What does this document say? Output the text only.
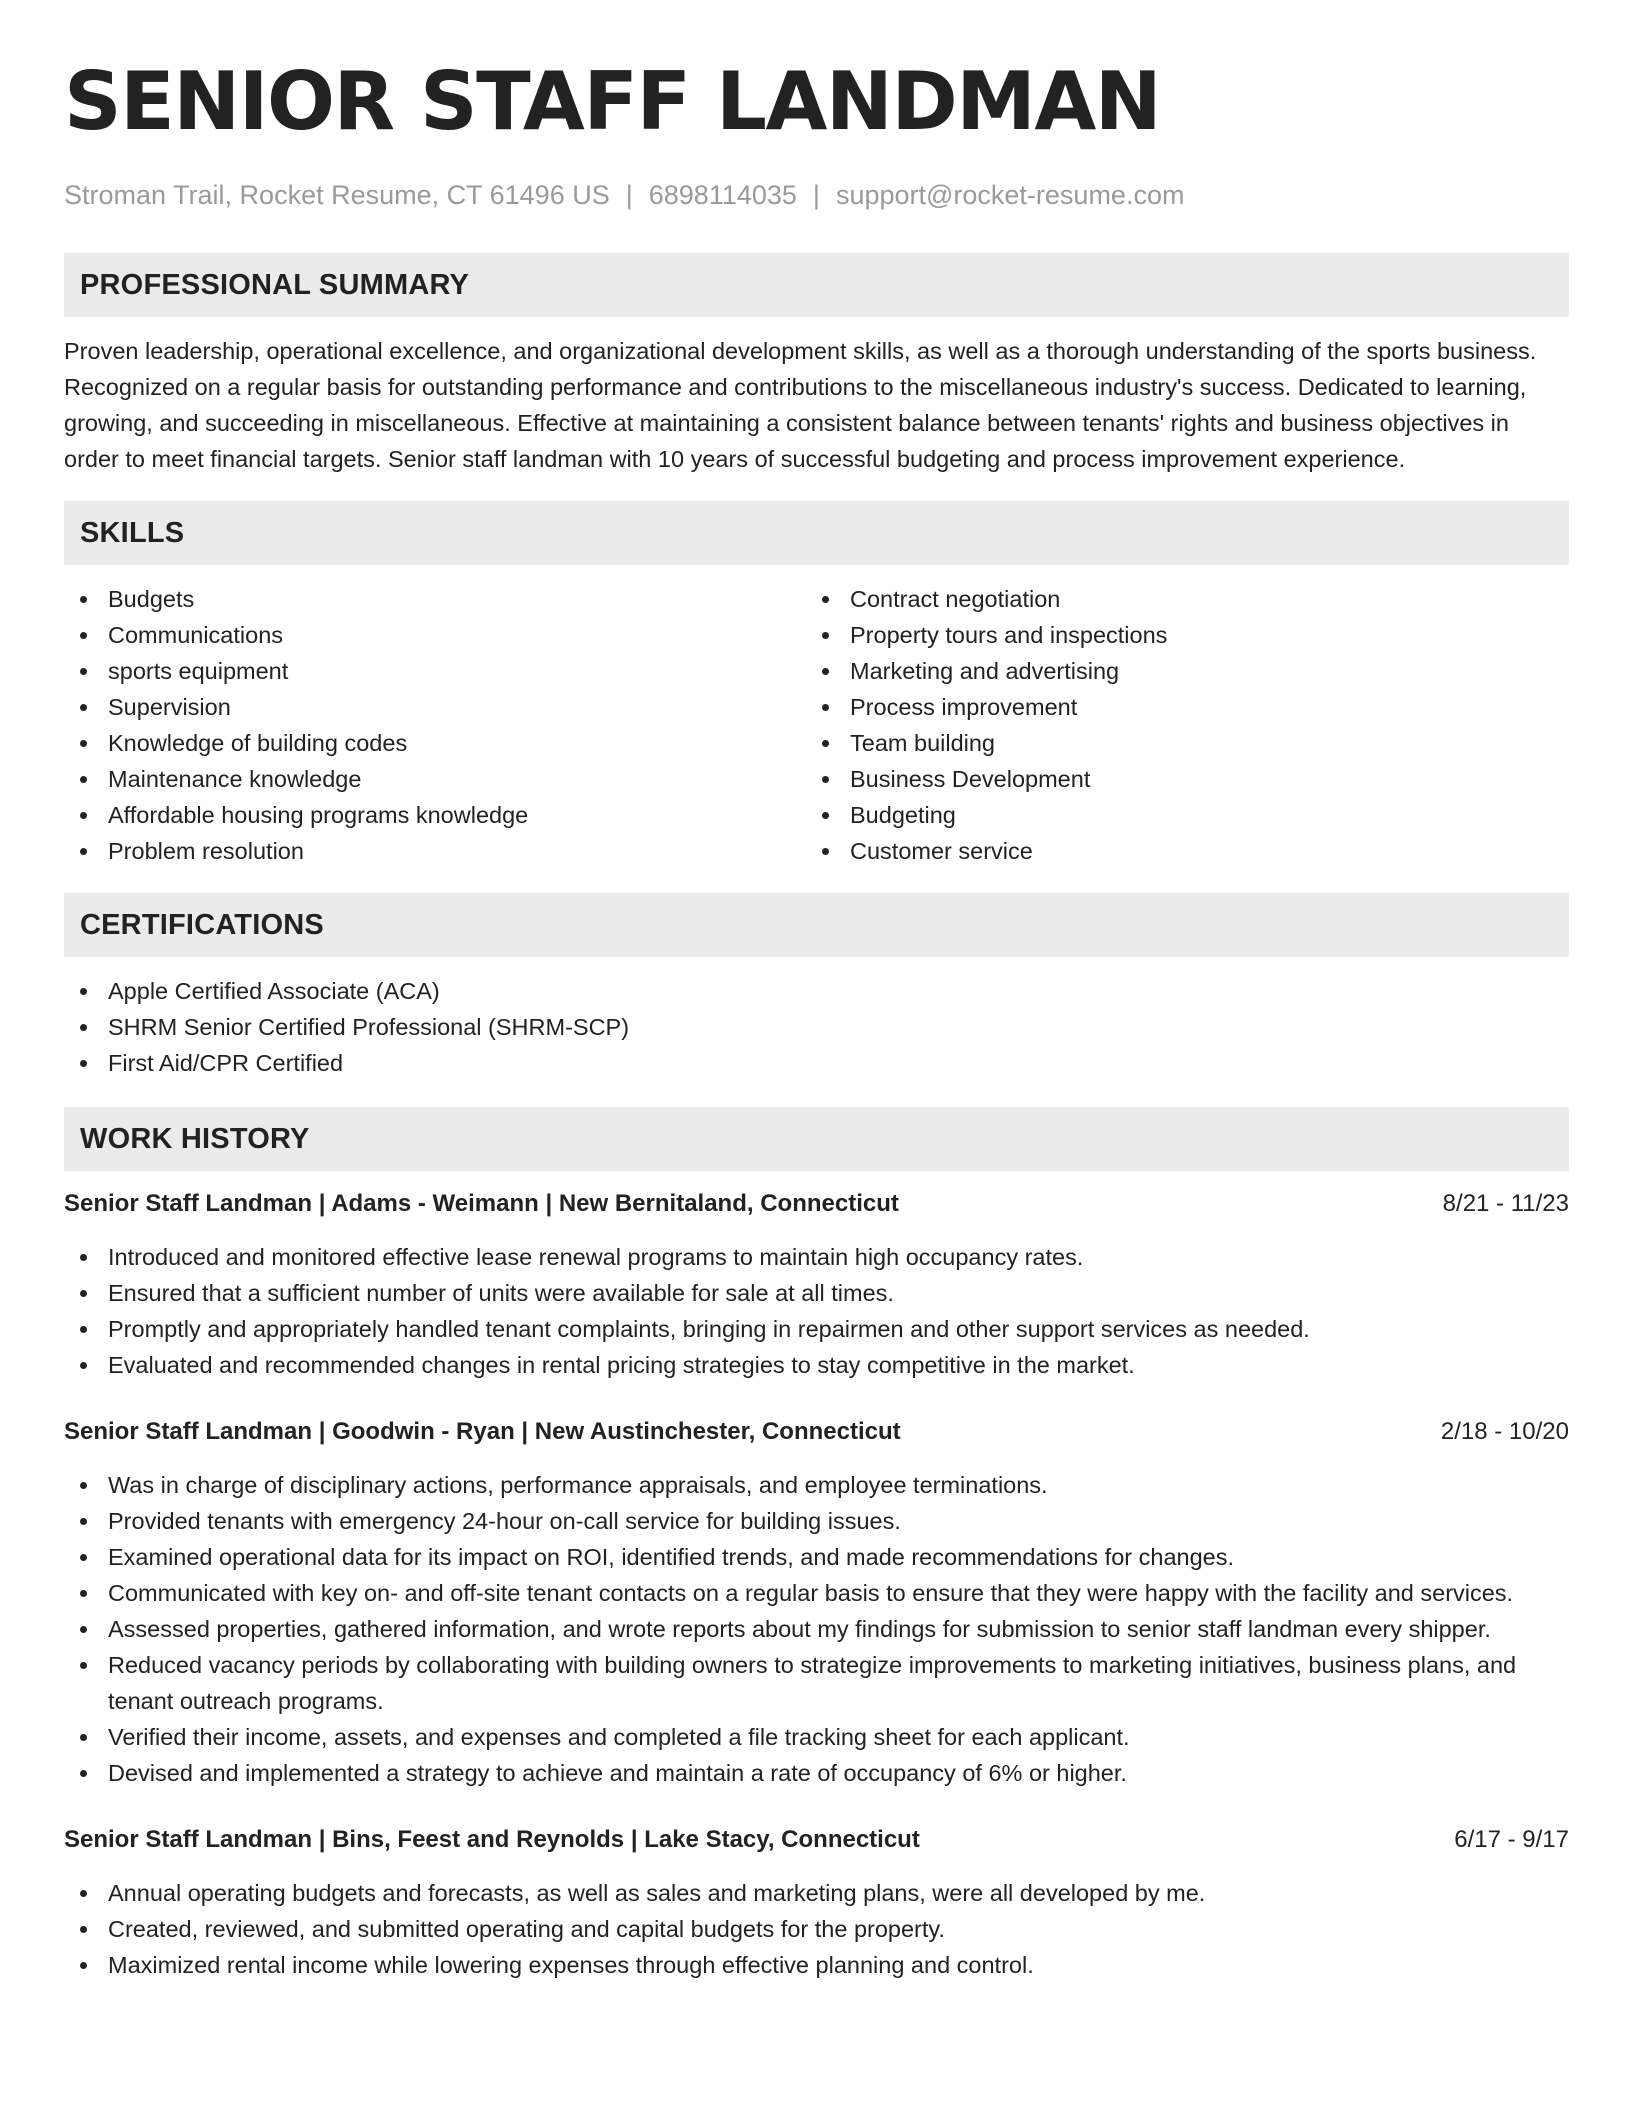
SENIOR STAFF LANDMAN
Stroman Trail, Rocket Resume, CT 61496 US | 6898114035 | support@rocket-resume.com
PROFESSIONAL SUMMARY
Proven leadership, operational excellence, and organizational development skills, as well as a thorough understanding of the sports business. Recognized on a regular basis for outstanding performance and contributions to the miscellaneous industry's success. Dedicated to learning, growing, and succeeding in miscellaneous. Effective at maintaining a consistent balance between tenants' rights and business objectives in order to meet financial targets. Senior staff landman with 10 years of successful budgeting and process improvement experience.
SKILLS
Budgets
Communications
sports equipment
Supervision
Knowledge of building codes
Maintenance knowledge
Affordable housing programs knowledge
Problem resolution
Contract negotiation
Property tours and inspections
Marketing and advertising
Process improvement
Team building
Business Development
Budgeting
Customer service
CERTIFICATIONS
Apple Certified Associate (ACA)
SHRM Senior Certified Professional (SHRM-SCP)
First Aid/CPR Certified
WORK HISTORY
Senior Staff Landman | Adams - Weimann | New Bernitaland, Connecticut	8/21 - 11/23
Introduced and monitored effective lease renewal programs to maintain high occupancy rates.
Ensured that a sufficient number of units were available for sale at all times.
Promptly and appropriately handled tenant complaints, bringing in repairmen and other support services as needed.
Evaluated and recommended changes in rental pricing strategies to stay competitive in the market.
Senior Staff Landman | Goodwin - Ryan | New Austinchester, Connecticut	2/18 - 10/20
Was in charge of disciplinary actions, performance appraisals, and employee terminations.
Provided tenants with emergency 24-hour on-call service for building issues.
Examined operational data for its impact on ROI, identified trends, and made recommendations for changes.
Communicated with key on- and off-site tenant contacts on a regular basis to ensure that they were happy with the facility and services.
Assessed properties, gathered information, and wrote reports about my findings for submission to senior staff landman every shipper.
Reduced vacancy periods by collaborating with building owners to strategize improvements to marketing initiatives, business plans, and tenant outreach programs.
Verified their income, assets, and expenses and completed a file tracking sheet for each applicant.
Devised and implemented a strategy to achieve and maintain a rate of occupancy of 6% or higher.
Senior Staff Landman | Bins, Feest and Reynolds | Lake Stacy, Connecticut	6/17 - 9/17
Annual operating budgets and forecasts, as well as sales and marketing plans, were all developed by me.
Created, reviewed, and submitted operating and capital budgets for the property.
Maximized rental income while lowering expenses through effective planning and control.
